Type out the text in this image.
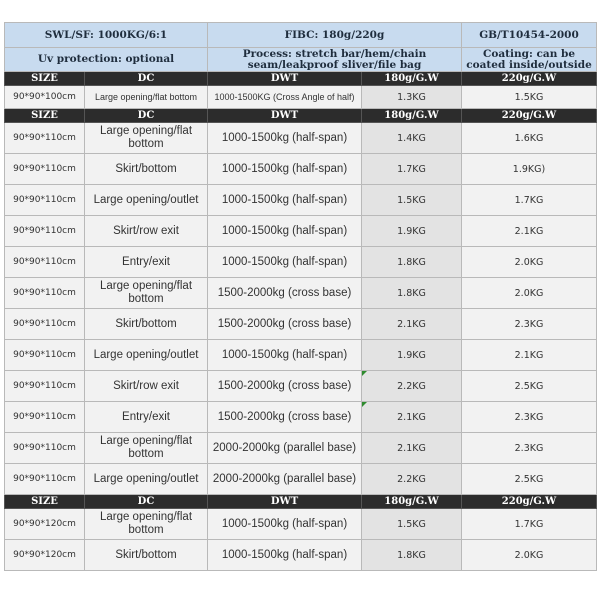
SWL/SF: 1000KG/6:1		FIBC: 180g/220g		GB/T10454-2000
Uv protection: optional		Process: stretch bar/hem/chain seam/leakproof sliver/file bag		Coating: can be coated inside/outside
SIZE	DC	DWT	180g/G.W	220g/G.W
90*90*100cm	Large opening/flat bottom	1000-1500KG (Cross Angle of half)	1.3KG	1.5KG
SIZE	DC	DWT	180g/G.W	220g/G.W
90*90*110cm	Large opening/flat bottom	1000-1500kg (half-span)	1.4KG	1.6KG
90*90*110cm	Skirt/bottom	1000-1500kg (half-span)	1.7KG	1.9KG)
90*90*110cm	Large opening/outlet	1000-1500kg (half-span)	1.5KG	1.7KG
90*90*110cm	Skirt/row exit	1000-1500kg (half-span)	1.9KG	2.1KG
90*90*110cm	Entry/exit	1000-1500kg (half-span)	1.8KG	2.0KG
90*90*110cm	Large opening/flat bottom	1500-2000kg (cross base)	1.8KG	2.0KG
90*90*110cm	Skirt/bottom	1500-2000kg (cross base)	2.1KG	2.3KG
90*90*110cm	Large opening/outlet	1000-1500kg (half-span)	1.9KG	2.1KG
90*90*110cm	Skirt/row exit	1500-2000kg (cross base)	2.2KG	2.5KG
90*90*110cm	Entry/exit	1500-2000kg (cross base)	2.1KG	2.3KG
90*90*110cm	Large opening/flat bottom	2000-2000kg (parallel base)	2.1KG	2.3KG
90*90*110cm	Large opening/outlet	2000-2000kg (parallel base)	2.2KG	2.5KG
SIZE	DC	DWT	180g/G.W	220g/G.W
90*90*120cm	Large opening/flat bottom	1000-1500kg (half-span)	1.5KG	1.7KG
90*90*120cm	Skirt/bottom	1000-1500kg (half-span)	1.8KG	2.0KG
